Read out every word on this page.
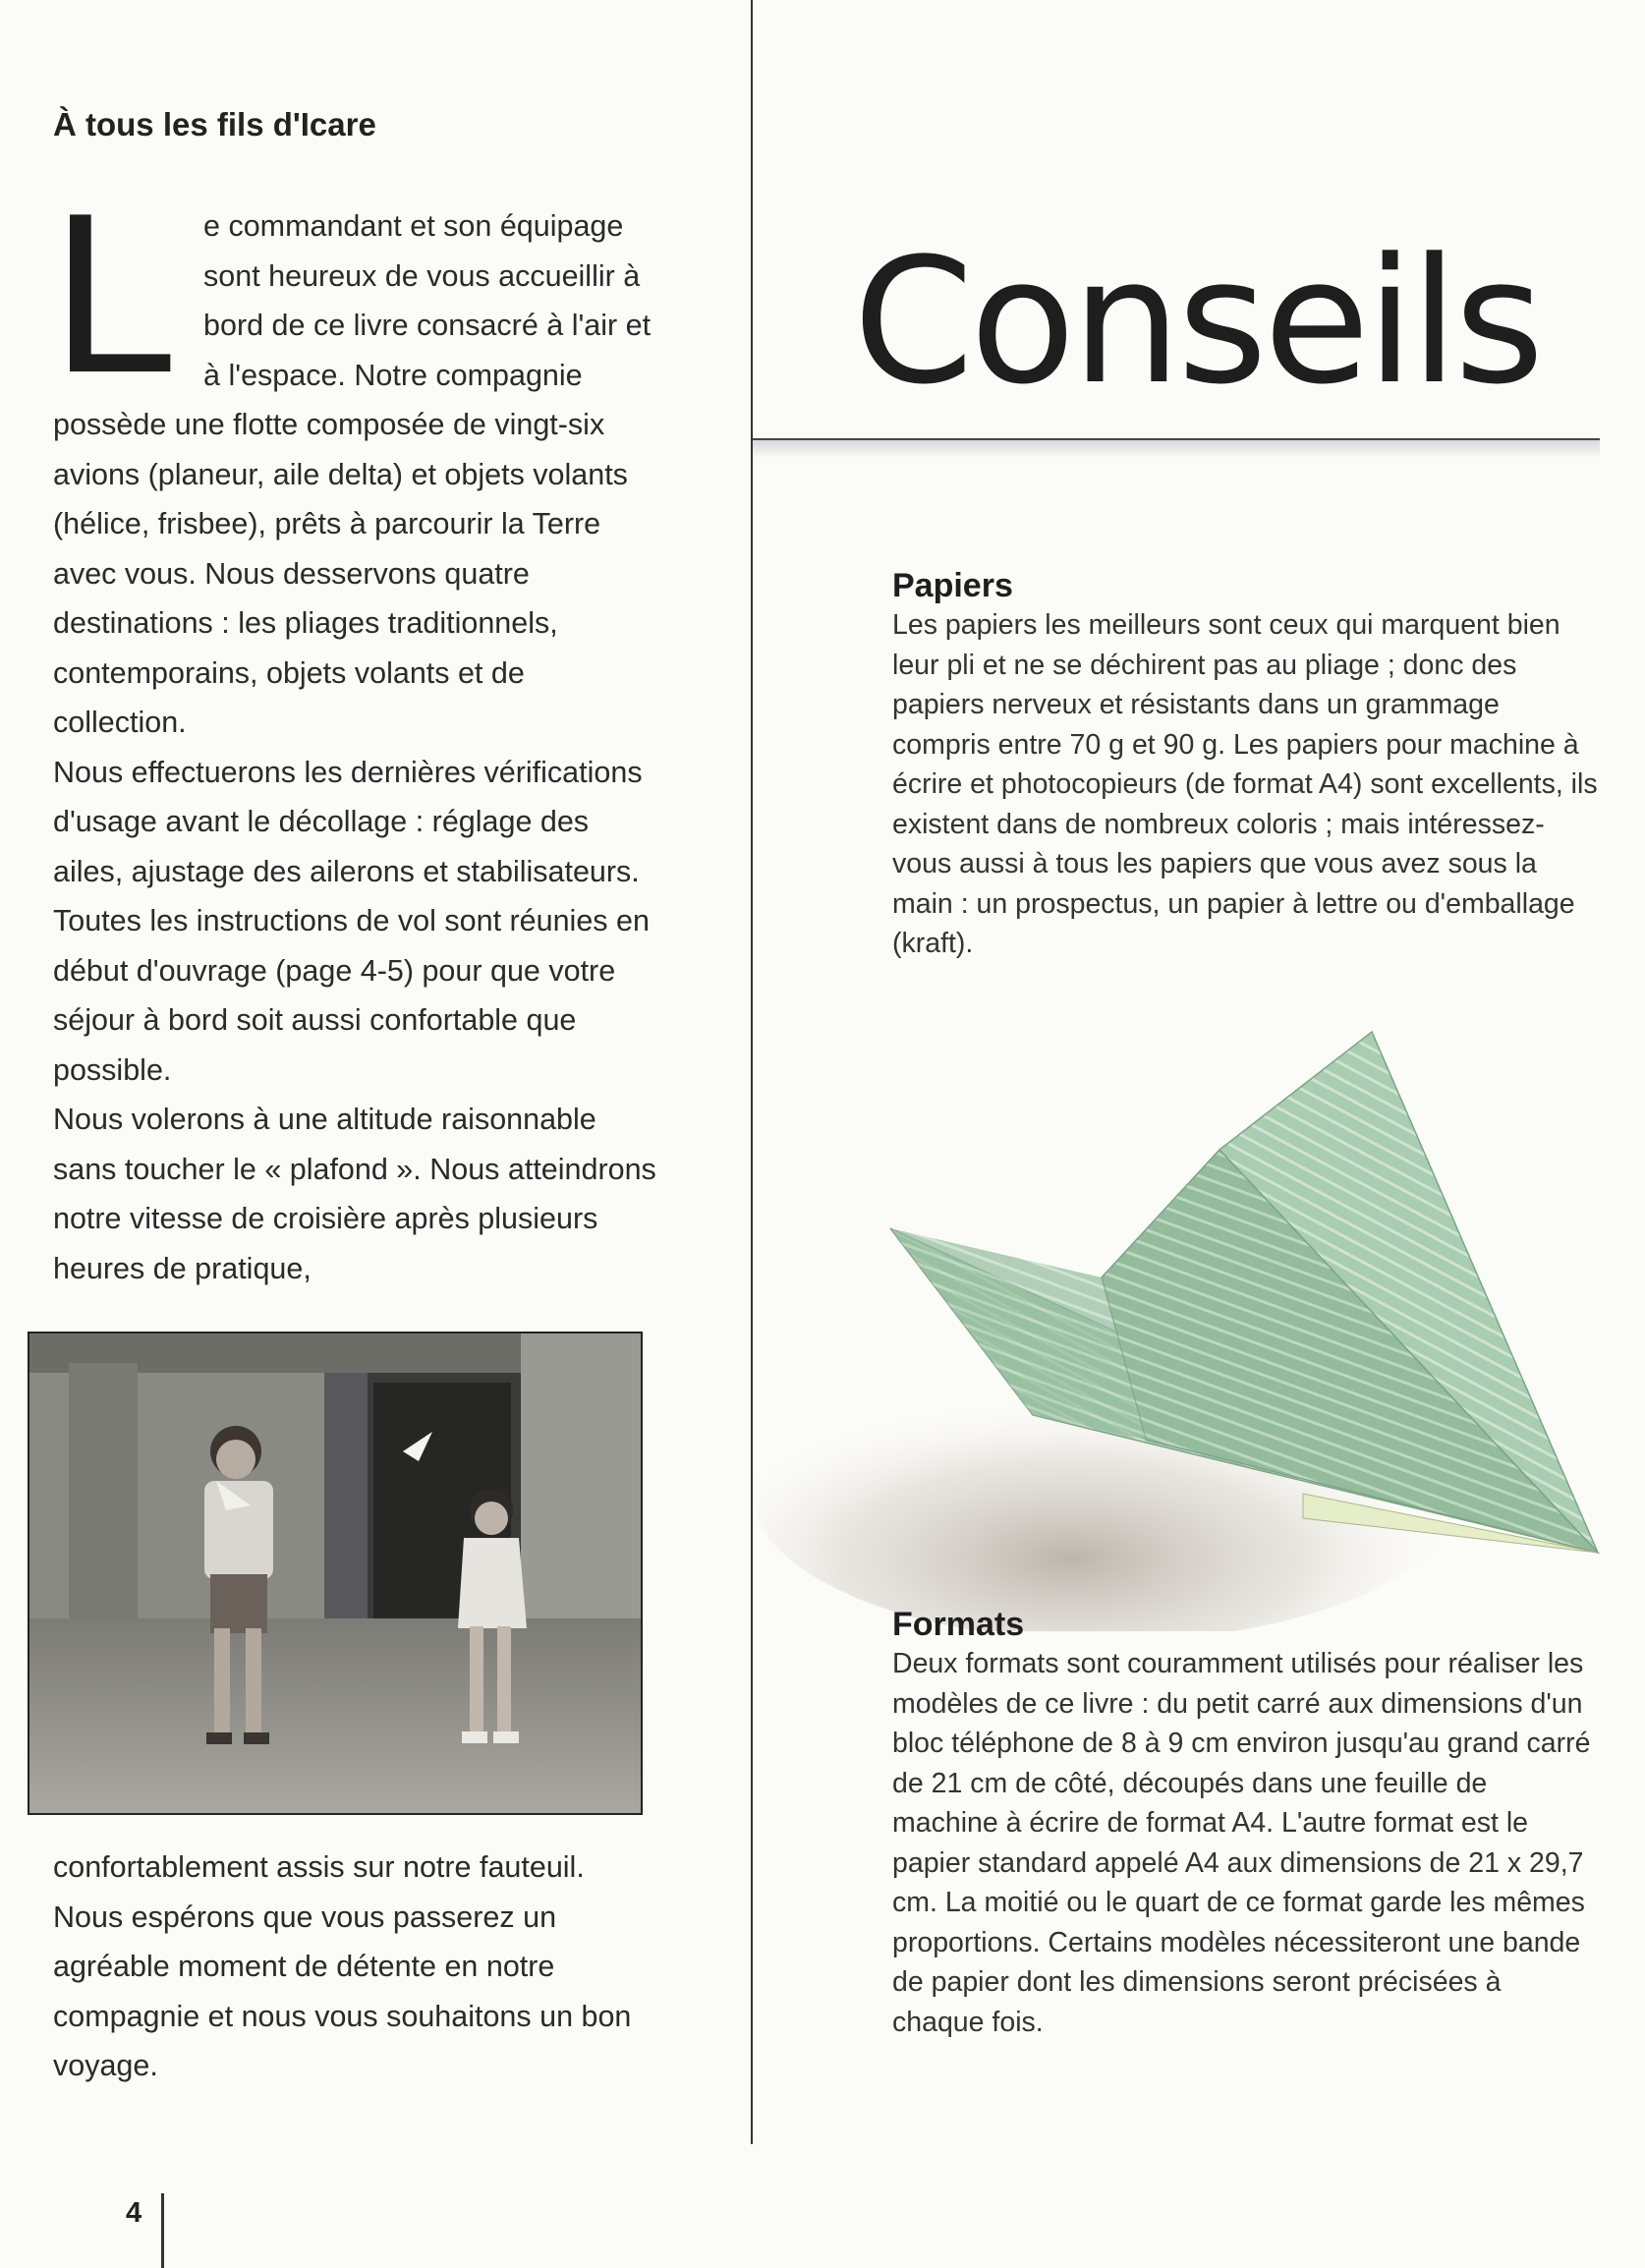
À tous les fils d'Icare
L e commandant et son équipage sont heureux de vous accueillir à bord de ce livre consacré à l'air et à l'espace. Notre compagnie possède une flotte composée de vingt-six avions (planeur, aile delta) et objets volants (hélice, frisbee), prêts à parcourir la Terre avec vous. Nous desservons quatre destinations : les pliages traditionnels, contemporains, objets volants et de collection.

Nous effectuerons les dernières vérifications d'usage avant le décollage : réglage des ailes, ajustage des ailerons et stabilisateurs. Toutes les instructions de vol sont réunies en début d'ouvrage (page 4-5) pour que votre séjour à bord soit aussi confortable que possible.

Nous volerons à une altitude raisonnable sans toucher le « plafond ». Nous atteindrons notre vitesse de croisière après plusieurs heures de pratique,

confortablement assis sur notre fauteuil. Nous espérons que vous passerez un agréable moment de détente en notre compagnie et nous vous souhaitons un bon voyage.

4
Conseils
Papiers

Les papiers les meilleurs sont ceux qui marquent bien leur pli et ne se déchirent pas au pliage ; donc des papiers nerveux et résistants dans un grammage compris entre 70 g et 90 g. Les papiers pour machine à écrire et photocopieurs (de format A4) sont excellents, ils existent dans de nombreux coloris ; mais intéressez-vous aussi à tous les papiers que vous avez sous la main : un prospectus, un papier à lettre ou d'emballage (kraft).

Formats

Deux formats sont couramment utilisés pour réaliser les modèles de ce livre : du petit carré aux dimensions d'un bloc téléphone de 8 à 9 cm environ jusqu'au grand carré de 21 cm de côté, découpés dans une feuille de machine à écrire de format A4. L'autre format est le papier standard appelé A4 aux dimensions de 21 x 29,7 cm. La moitié ou le quart de ce format garde les mêmes proportions. Certains modèles nécessiteront une bande de papier dont les dimensions seront précisées à chaque fois.
